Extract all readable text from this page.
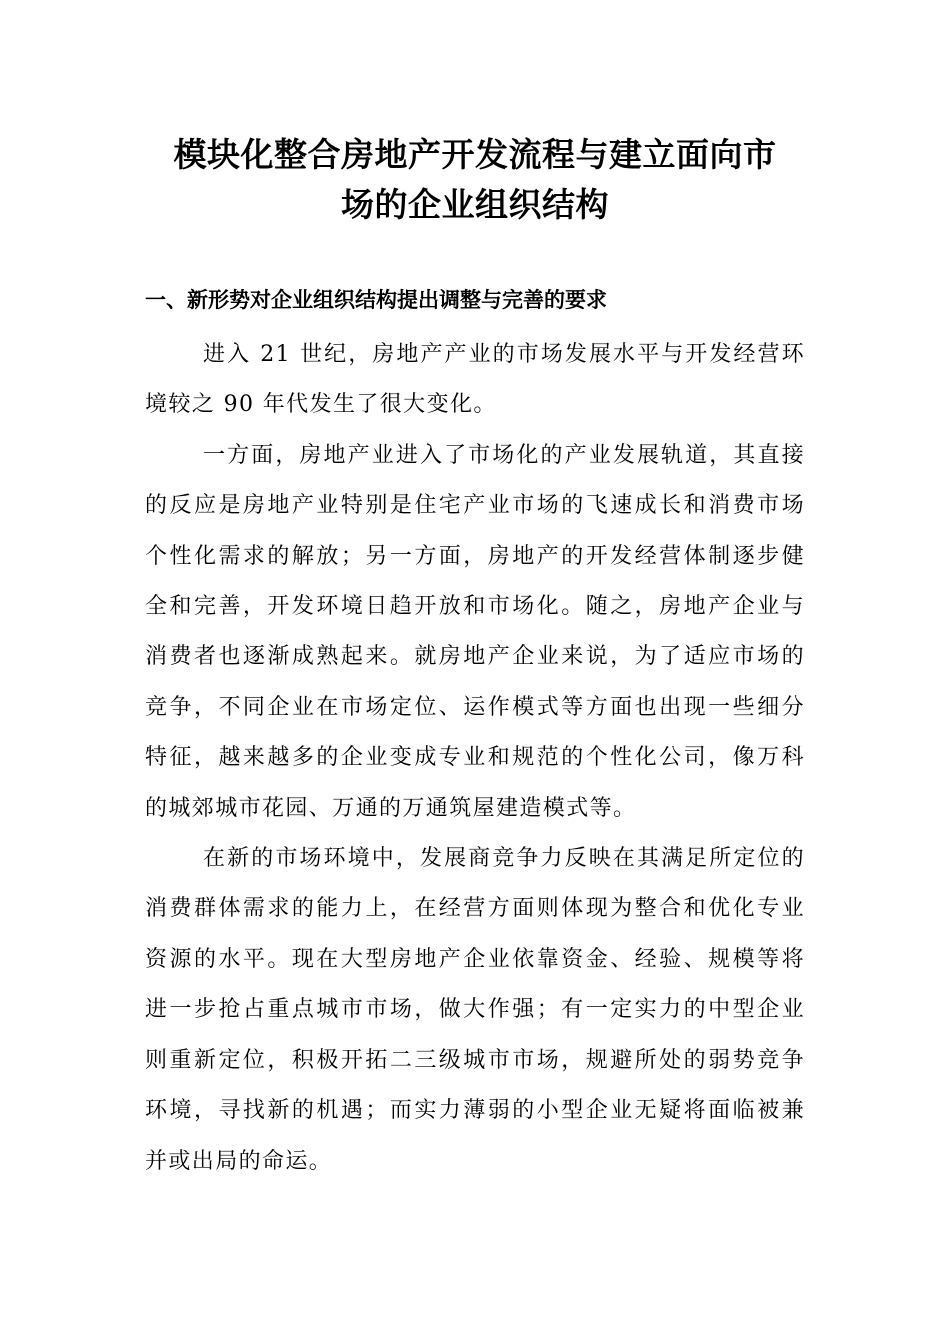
模块化整合房地产开发流程与建立面向市
场的企业组织结构
一、新形势对企业组织结构提出调整与完善的要求
进入 21 世纪，房地产产业的市场发展水平与开发经营环
境较之 90 年代发生了很大变化。
一方面，房地产业进入了市场化的产业发展轨道，其直接
的反应是房地产业特别是住宅产业市场的飞速成长和消费市场
个性化需求的解放；另一方面，房地产的开发经营体制逐步健
全和完善，开发环境日趋开放和市场化。随之，房地产企业与
消费者也逐渐成熟起来。就房地产企业来说，为了适应市场的
竞争，不同企业在市场定位、运作模式等方面也出现一些细分
特征，越来越多的企业变成专业和规范的个性化公司，像万科
的城郊城市花园、万通的万通筑屋建造模式等。
在新的市场环境中，发展商竞争力反映在其满足所定位的
消费群体需求的能力上，在经营方面则体现为整合和优化专业
资源的水平。现在大型房地产企业依靠资金、经验、规模等将
进一步抢占重点城市市场，做大作强；有一定实力的中型企业
则重新定位，积极开拓二三级城市市场，规避所处的弱势竞争
环境，寻找新的机遇；而实力薄弱的小型企业无疑将面临被兼
并或出局的命运。
